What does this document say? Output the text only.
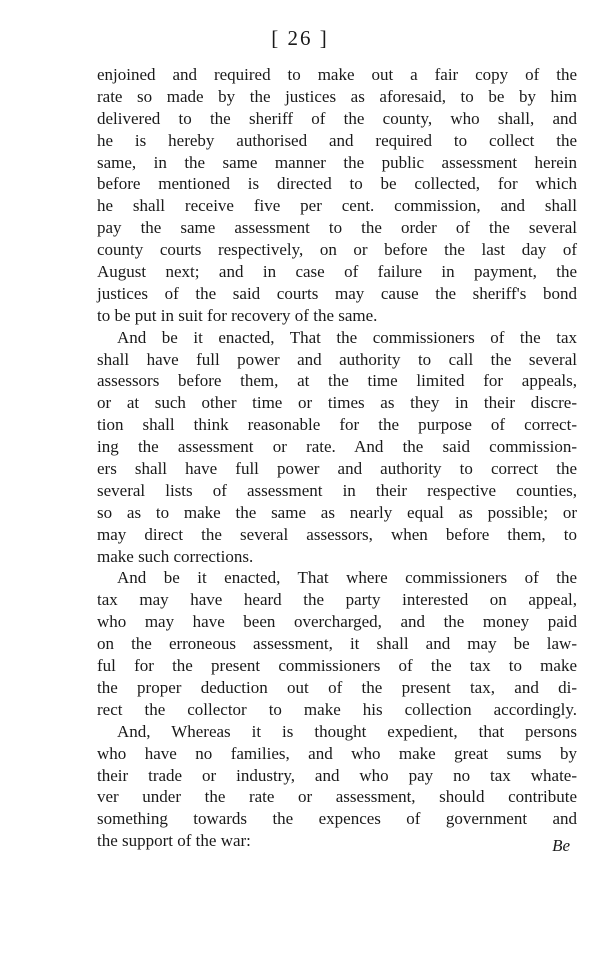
[ 26 ]
enjoined and required to make out a fair copy of the
rate so made by the justices as aforesaid, to be by him
delivered to the sheriff of the county, who shall, and
he is hereby authorised and required to collect the
same, in the same manner the public assessment herein
before mentioned is directed to be collected, for which
he shall receive five per cent. commission, and shall
pay the same assessment to the order of the several
county courts respectively, on or before the last day of
August next; and in case of failure in payment, the
justices of the said courts may cause the sheriff's bond
to be put in suit for recovery of the same.
And be it enacted, That the commissioners of the tax
shall have full power and authority to call the several
assessors before them, at the time limited for appeals,
or at such other time or times as they in their discre-
tion shall think reasonable for the purpose of correct-
ing the assessment or rate. And the said commission-
ers shall have full power and authority to correct the
several lists of assessment in their respective counties,
so as to make the same as nearly equal as possible; or
may direct the several assessors, when before them, to
make such corrections.
And be it enacted, That where commissioners of the
tax may have heard the party interested on appeal,
who may have been overcharged, and the money paid
on the erroneous assessment, it shall and may be law-
ful for the present commissioners of the tax to make
the proper deduction out of the present tax, and di-
rect the collector to make his collection accordingly.
And, Whereas it is thought expedient, that persons
who have no families, and who make great sums by
their trade or industry, and who pay no tax whate-
ver under the rate or assessment, should contribute
something towards the expences of government and
the support of the war:	Be
